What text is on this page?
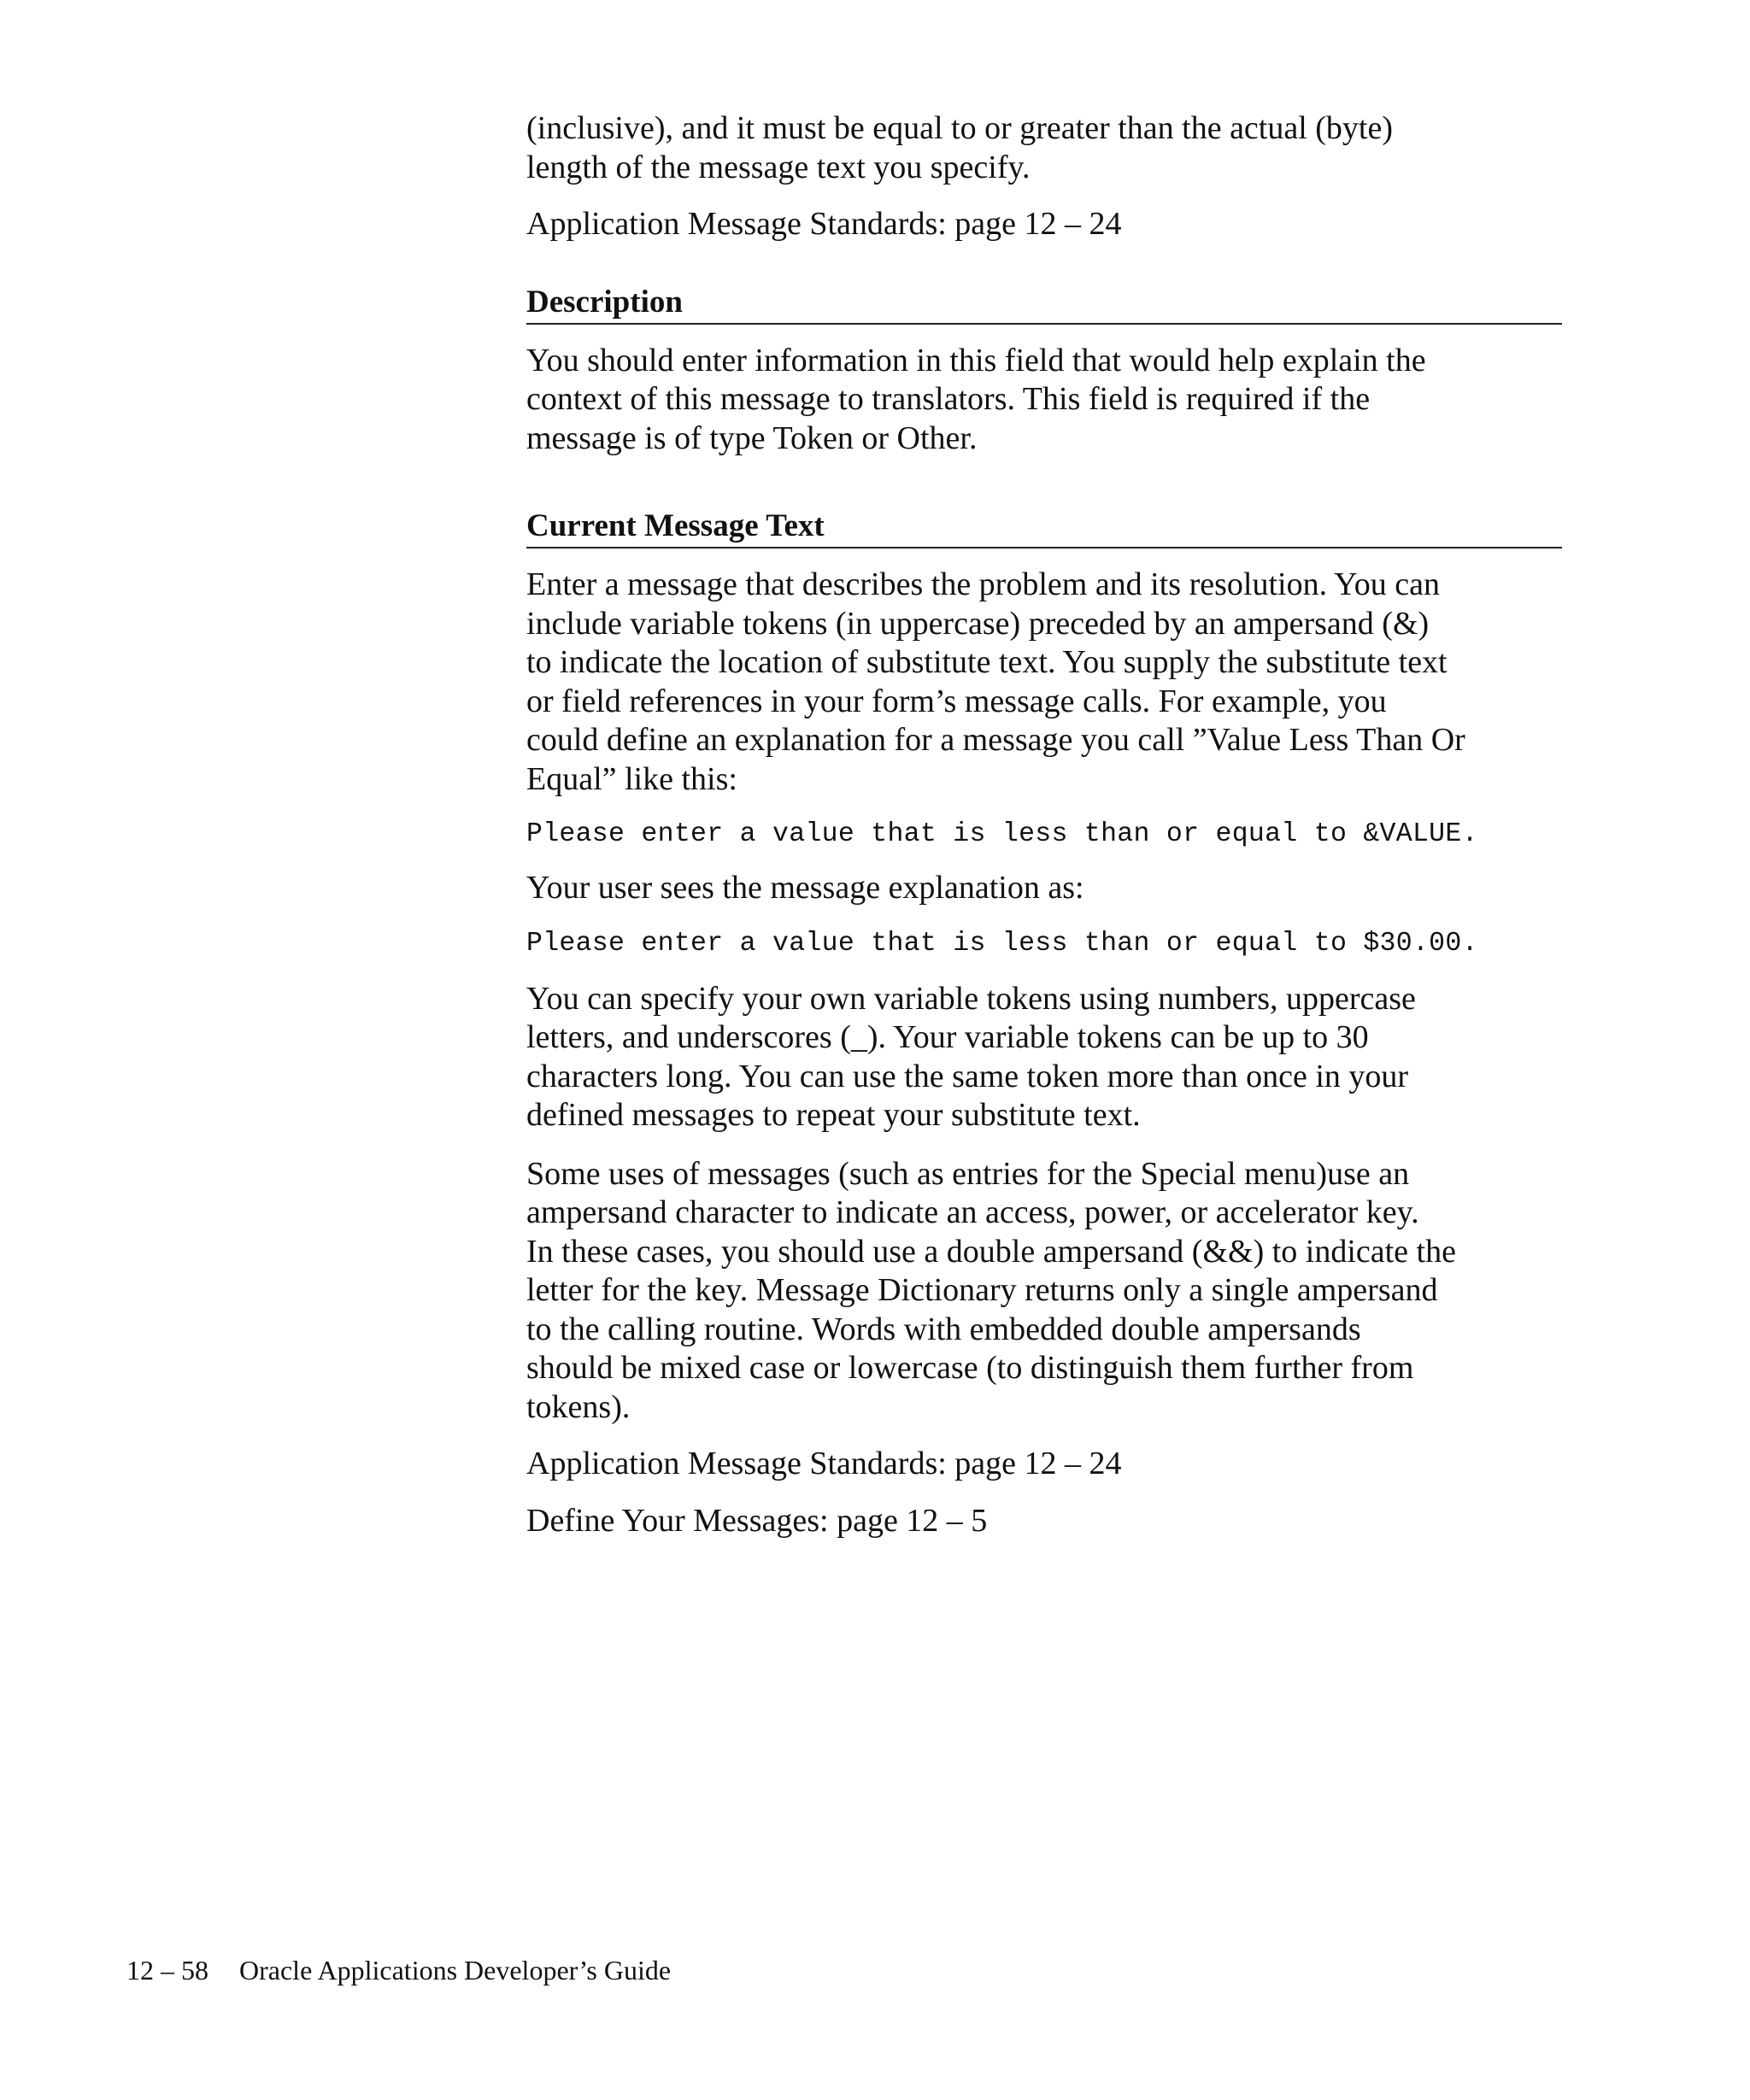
(inclusive), and it must be equal to or greater than the actual (byte)
length of the message text you specify.

Application Message Standards: page 12 – 24

Description

You should enter information in this field that would help explain the
context of this message to translators. This field is required if the
message is of type Token or Other.

Current Message Text

Enter a message that describes the problem and its resolution. You can
include variable tokens (in uppercase) preceded by an ampersand (&)
to indicate the location of substitute text. You supply the substitute text
or field references in your form’s message calls. For example, you
could define an explanation for a message you call ”Value Less Than Or
Equal” like this:

Please enter a value that is less than or equal to &VALUE.

Your user sees the message explanation as:

Please enter a value that is less than or equal to $30.00.

You can specify your own variable tokens using numbers, uppercase
letters, and underscores (_). Your variable tokens can be up to 30
characters long. You can use the same token more than once in your
defined messages to repeat your substitute text.

Some uses of messages (such as entries for the Special menu)use an
ampersand character to indicate an access, power, or accelerator key.
In these cases, you should use a double ampersand (&&) to indicate the
letter for the key. Message Dictionary returns only a single ampersand
to the calling routine. Words with embedded double ampersands
should be mixed case or lowercase (to distinguish them further from
tokens).

Application Message Standards: page 12 – 24

Define Your Messages: page 12 – 5

12 – 58 Oracle Applications Developer’s Guide
